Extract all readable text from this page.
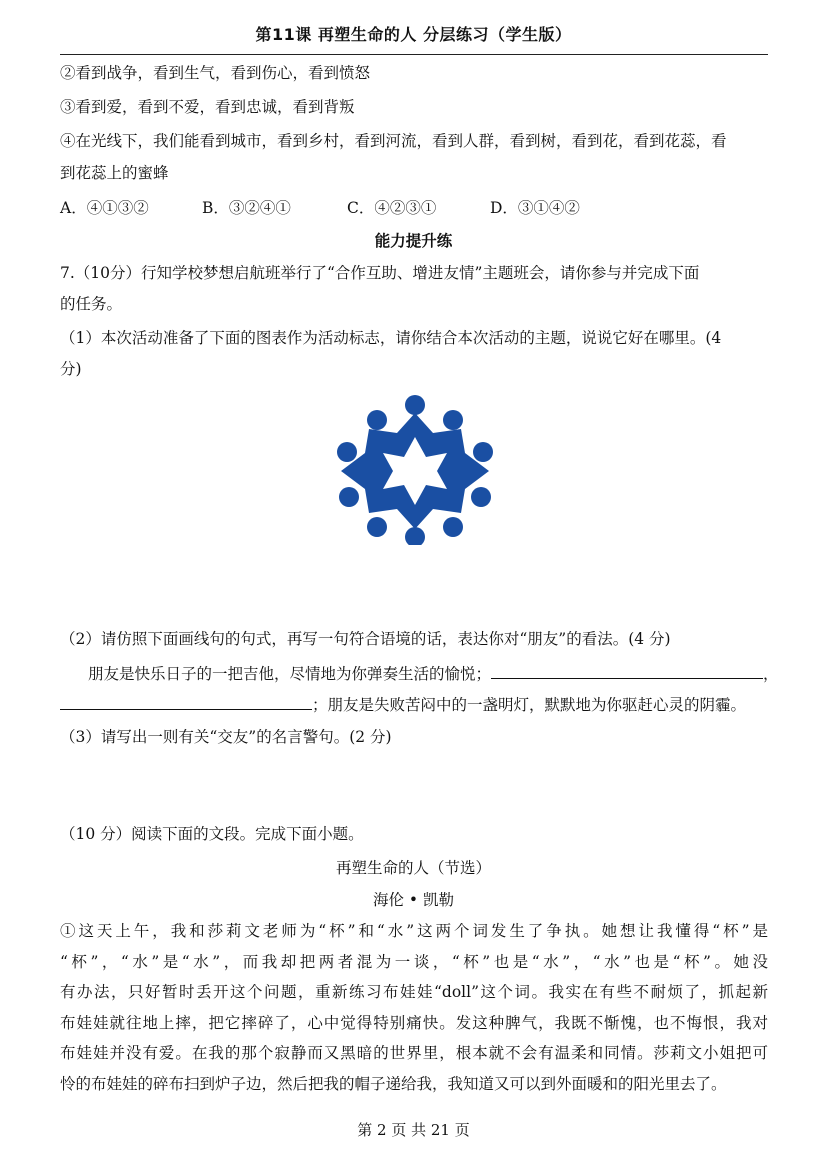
第11课 再塑生命的人 分层练习（学生版）
②看到战争，看到生气，看到伤心，看到愤怒
③看到爱，看到不爱，看到忠诚，看到背叛
④在光线下，我们能看到城市，看到乡村，看到河流，看到人群，看到树，看到花，看到花蕊，看
到花蕊上的蜜蜂
A．④①③②	B．③②④①	C．④②③①	D．③①④②
能力提升练
7.（10分）行知学校梦想启航班举行了“合作互助、增进友情”主题班会，请你参与并完成下面
的任务。
（1）本次活动准备了下面的图表作为活动标志，请你结合本次活动的主题，说说它好在哪里。(4
分)
（2）请仿照下面画线句的句式，再写一句符合语境的话，表达你对“朋友”的看法。(4 分)
朋友是快乐日子的一把吉他，尽情地为你弹奏生活的愉悦；	，
；朋友是失败苦闷中的一盏明灯，默默地为你驱赶心灵的阴霾。
（3）请写出一则有关“交友”的名言警句。(2 分)
（10 分）阅读下面的文段。完成下面小题。
再塑生命的人（节选）
海伦 • 凯勒

①这天上午，我和莎莉文老师为“杯”和“水”这两个词发生了争执。她想让我懂得“杯”是

“杯”，“水”是“水”，而我却把两者混为一谈，“杯”也是“水”，“水”也是“杯”。她没

有办法，只好暂时丢开这个问题，重新练习布娃娃“doll”这个词。我实在有些不耐烦了，抓起新

布娃娃就往地上摔，把它摔碎了，心中觉得特别痛快。发这种脾气，我既不惭愧，也不悔恨，我对

布娃娃并没有爱。在我的那个寂静而又黑暗的世界里，根本就不会有温柔和同情。莎莉文小姐把可

怜的布娃娃的碎布扫到炉子边，然后把我的帽子递给我，我知道又可以到外面暖和的阳光里去了。

第 2 页 共 21 页
